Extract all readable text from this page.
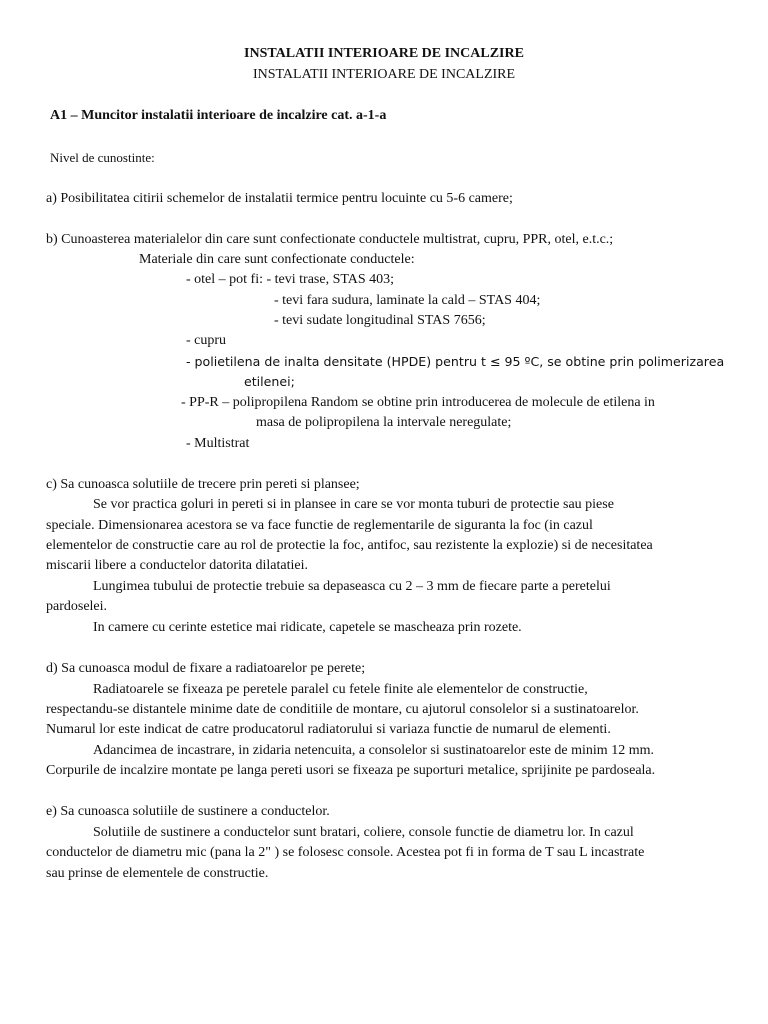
INSTALATII INTERIOARE DE INCALZIRE
INSTALATII INTERIOARE DE INCALZIRE
A1 – Muncitor instalatii interioare de incalzire cat. a-1-a
Nivel de cunostinte:
a) Posibilitatea citirii schemelor de instalatii termice pentru locuinte cu 5-6 camere;
b) Cunoasterea materialelor din care sunt confectionate conductele multistrat, cupru, PPR, otel, e.t.c.;
Materiale din care sunt confectionate conductele:
- otel – pot fi: - tevi trase, STAS 403;
- tevi fara sudura, laminate la cald – STAS 404;
- tevi sudate longitudinal STAS 7656;
- cupru
- polietilena de inalta densitate (HPDE) pentru t ≤ 95 ºC, se obtine prin polimerizarea
etilenei;
- PP-R – polipropilena Random se obtine prin introducerea de molecule de etilena in
masa de polipropilena la intervale neregulate;
- Multistrat
c) Sa cunoasca solutiile de trecere prin pereti si plansee;
Se vor practica goluri in pereti si in plansee in care se vor monta tuburi de protectie sau piese
speciale. Dimensionarea acestora se va face functie de reglementarile de siguranta la foc (in cazul
elementelor de constructie care au rol de protectie la foc, antifoc, sau rezistente la explozie) si de necesitatea
miscarii libere a conductelor datorita dilatatiei.
Lungimea tubului de protectie trebuie sa depaseasca cu 2 – 3 mm de fiecare parte a peretelui
pardoselei.
In camere cu cerinte estetice mai ridicate, capetele se mascheaza prin rozete.
d) Sa cunoasca modul de fixare a radiatoarelor pe perete;
Radiatoarele se fixeaza pe peretele paralel cu fetele finite ale elementelor de constructie,
respectandu-se distantele minime date de conditiile de montare, cu ajutorul consolelor si a sustinatoarelor.
Numarul lor este indicat de catre producatorul radiatorului si variaza functie de numarul de elementi.
Adancimea de incastrare, in zidaria netencuita, a consolelor si sustinatoarelor este de minim 12 mm.
Corpurile de incalzire montate pe langa pereti usori se fixeaza pe suporturi metalice, sprijinite pe pardoseala.
e) Sa cunoasca solutiile de sustinere a conductelor.
Solutiile de sustinere a conductelor sunt bratari, coliere, console functie de diametru lor. In cazul
conductelor de diametru mic (pana la 2" ) se folosesc console. Acestea pot fi in forma de T sau L incastrate
sau prinse de elementele de constructie.
